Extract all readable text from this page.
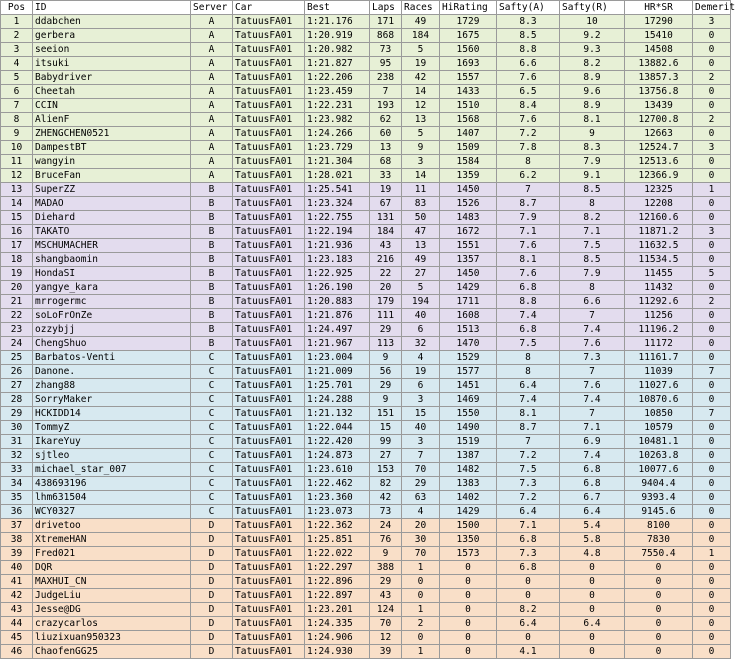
Pos	ID	Server	Car	Best	Laps	Races	HiRating	Safty(A)	Safty(R)	HR*SR	Demerit
1	ddabchen	A	TatuusFA01	1:21.176	171	49	1729	8.3	10	17290	3
2	gerbera	A	TatuusFA01	1:20.919	868	184	1675	8.5	9.2	15410	0
3	seeion	A	TatuusFA01	1:20.982	73	5	1560	8.8	9.3	14508	0
4	itsuki	A	TatuusFA01	1:21.827	95	19	1693	6.6	8.2	13882.6	0
5	Babydriver	A	TatuusFA01	1:22.206	238	42	1557	7.6	8.9	13857.3	2
6	Cheetah	A	TatuusFA01	1:23.459	7	14	1433	6.5	9.6	13756.8	0
7	CCIN	A	TatuusFA01	1:22.231	193	12	1510	8.4	8.9	13439	0
8	AlienF	A	TatuusFA01	1:23.982	62	13	1568	7.6	8.1	12700.8	2
9	ZHENGCHEN0521	A	TatuusFA01	1:24.266	60	5	1407	7.2	9	12663	0
10	DampestBT	A	TatuusFA01	1:23.729	13	9	1509	7.8	8.3	12524.7	3
11	wangyin	A	TatuusFA01	1:21.304	68	3	1584	8	7.9	12513.6	0
12	BruceFan	A	TatuusFA01	1:28.021	33	14	1359	6.2	9.1	12366.9	0
13	SuperZZ	B	TatuusFA01	1:25.541	19	11	1450	7	8.5	12325	1
14	MADAO	B	TatuusFA01	1:23.324	67	83	1526	8.7	8	12208	0
15	Diehard	B	TatuusFA01	1:22.755	131	50	1483	7.9	8.2	12160.6	0
16	TAKATO	B	TatuusFA01	1:22.194	184	47	1672	7.1	7.1	11871.2	3
17	MSCHUMACHER	B	TatuusFA01	1:21.936	43	13	1551	7.6	7.5	11632.5	0
18	shangbaomin	B	TatuusFA01	1:23.183	216	49	1357	8.1	8.5	11534.5	0
19	HondaSI	B	TatuusFA01	1:22.925	22	27	1450	7.6	7.9	11455	5
20	yangye_kara	B	TatuusFA01	1:26.190	20	5	1429	6.8	8	11432	0
21	mrrogermc	B	TatuusFA01	1:20.883	179	194	1711	8.8	6.6	11292.6	2
22	soLoFrOnZe	B	TatuusFA01	1:21.876	111	40	1608	7.4	7	11256	0
23	ozzybjj	B	TatuusFA01	1:24.497	29	6	1513	6.8	7.4	11196.2	0
24	ChengShuo	B	TatuusFA01	1:21.967	113	32	1470	7.5	7.6	11172	0
25	Barbatos-Venti	C	TatuusFA01	1:23.004	9	4	1529	8	7.3	11161.7	0
26	Danone.	C	TatuusFA01	1:21.009	56	19	1577	8	7	11039	7
27	zhang88	C	TatuusFA01	1:25.701	29	6	1451	6.4	7.6	11027.6	0
28	SorryMaker	C	TatuusFA01	1:24.288	9	3	1469	7.4	7.4	10870.6	0
29	HCKIDD14	C	TatuusFA01	1:21.132	151	15	1550	8.1	7	10850	7
30	TommyZ	C	TatuusFA01	1:22.044	15	40	1490	8.7	7.1	10579	0
31	IkareYuy	C	TatuusFA01	1:22.420	99	3	1519	7	6.9	10481.1	0
32	sjtleo	C	TatuusFA01	1:24.873	27	7	1387	7.2	7.4	10263.8	0
33	michael_star_007	C	TatuusFA01	1:23.610	153	70	1482	7.5	6.8	10077.6	0
34	438693196	C	TatuusFA01	1:22.462	82	29	1383	7.3	6.8	9404.4	0
35	lhm631504	C	TatuusFA01	1:23.360	42	63	1402	7.2	6.7	9393.4	0
36	WCY0327	C	TatuusFA01	1:23.073	73	4	1429	6.4	6.4	9145.6	0
37	drivetoo	D	TatuusFA01	1:22.362	24	20	1500	7.1	5.4	8100	0
38	XtremeHAN	D	TatuusFA01	1:25.851	76	30	1350	6.8	5.8	7830	0
39	Fred021	D	TatuusFA01	1:22.022	9	70	1573	7.3	4.8	7550.4	1
40	DQR	D	TatuusFA01	1:22.297	388	1	0	6.8	0	0	0
41	MAXHUI_CN	D	TatuusFA01	1:22.896	29	0	0	0	0	0	0
42	JudgeLiu	D	TatuusFA01	1:22.897	43	0	0	0	0	0	0
43	Jesse@DG	D	TatuusFA01	1:23.201	124	1	0	8.2	0	0	0
44	crazycarlos	D	TatuusFA01	1:24.335	70	2	0	6.4	6.4	0	0
45	liuzixuan950323	D	TatuusFA01	1:24.906	12	0	0	0	0	0	0
46	ChaofenGG25	D	TatuusFA01	1:24.930	39	1	0	4.1	0	0	0
